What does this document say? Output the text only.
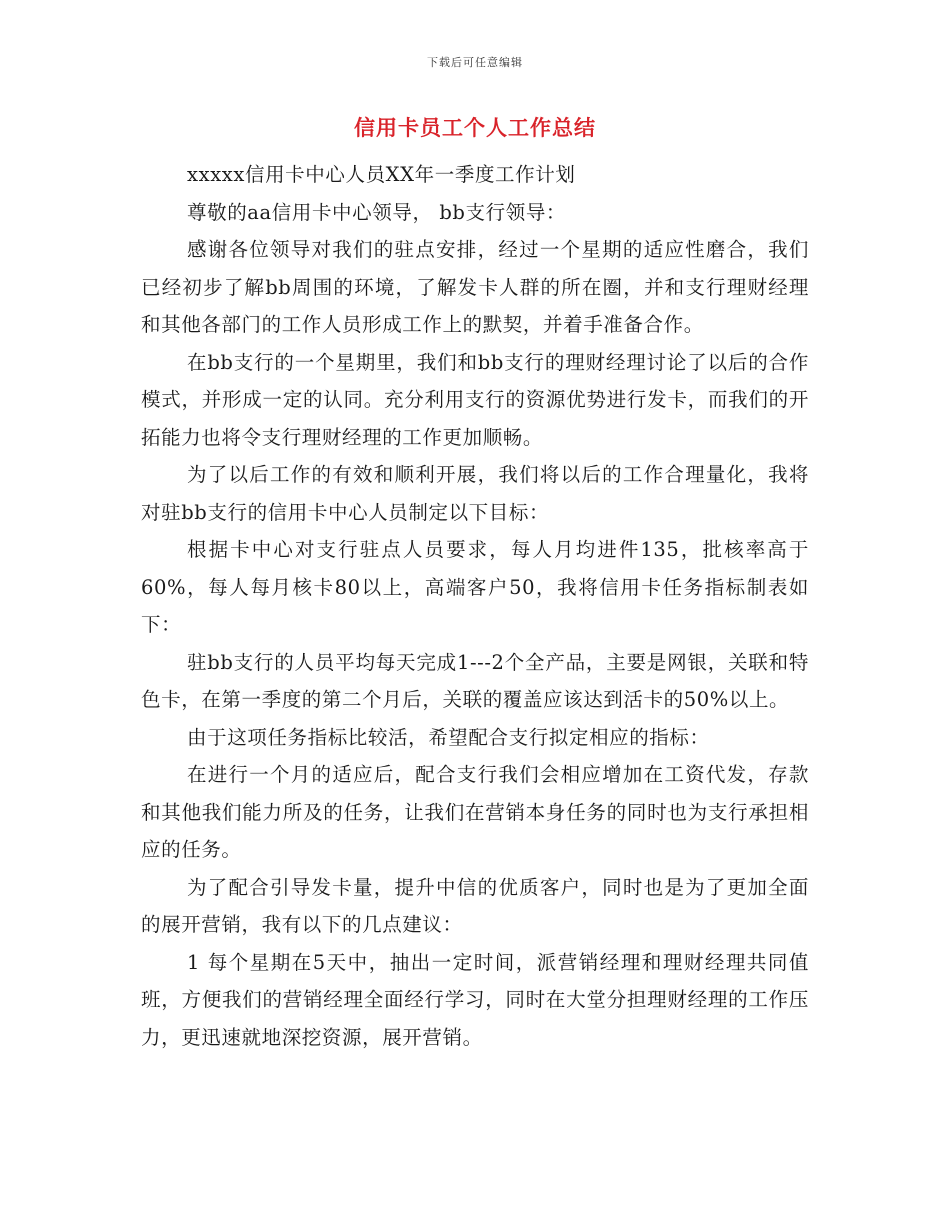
下载后可任意编辑
信用卡员工个人工作总结

xxxxx信用卡中心人员XX年一季度工作计划

尊敬的aa信用卡中心领导， bb支行领导：

感谢各位领导对我们的驻点安排，经过一个星期的适应性磨合，我们已经初步了解bb周围的环境，了解发卡人群的所在圈，并和支行理财经理和其他各部门的工作人员形成工作上的默契，并着手准备合作。

在bb支行的一个星期里，我们和bb支行的理财经理讨论了以后的合作模式，并形成一定的认同。充分利用支行的资源优势进行发卡，而我们的开拓能力也将令支行理财经理的工作更加顺畅。

为了以后工作的有效和顺利开展，我们将以后的工作合理量化，我将对驻bb支行的信用卡中心人员制定以下目标：

根据卡中心对支行驻点人员要求，每人月均进件135，批核率高于60%，每人每月核卡80以上，高端客户50，我将信用卡任务指标制表如下：

驻bb支行的人员平均每天完成1---2个全产品，主要是网银，关联和特色卡，在第一季度的第二个月后，关联的覆盖应该达到活卡的50%以上。

由于这项任务指标比较活，希望配合支行拟定相应的指标：

在进行一个月的适应后，配合支行我们会相应增加在工资代发，存款和其他我们能力所及的任务，让我们在营销本身任务的同时也为支行承担相应的任务。

为了配合引导发卡量，提升中信的优质客户，同时也是为了更加全面的展开营销，我有以下的几点建议：

1 每个星期在5天中，抽出一定时间，派营销经理和理财经理共同值班，方便我们的营销经理全面经行学习，同时在大堂分担理财经理的工作压力，更迅速就地深挖资源，展开营销。
